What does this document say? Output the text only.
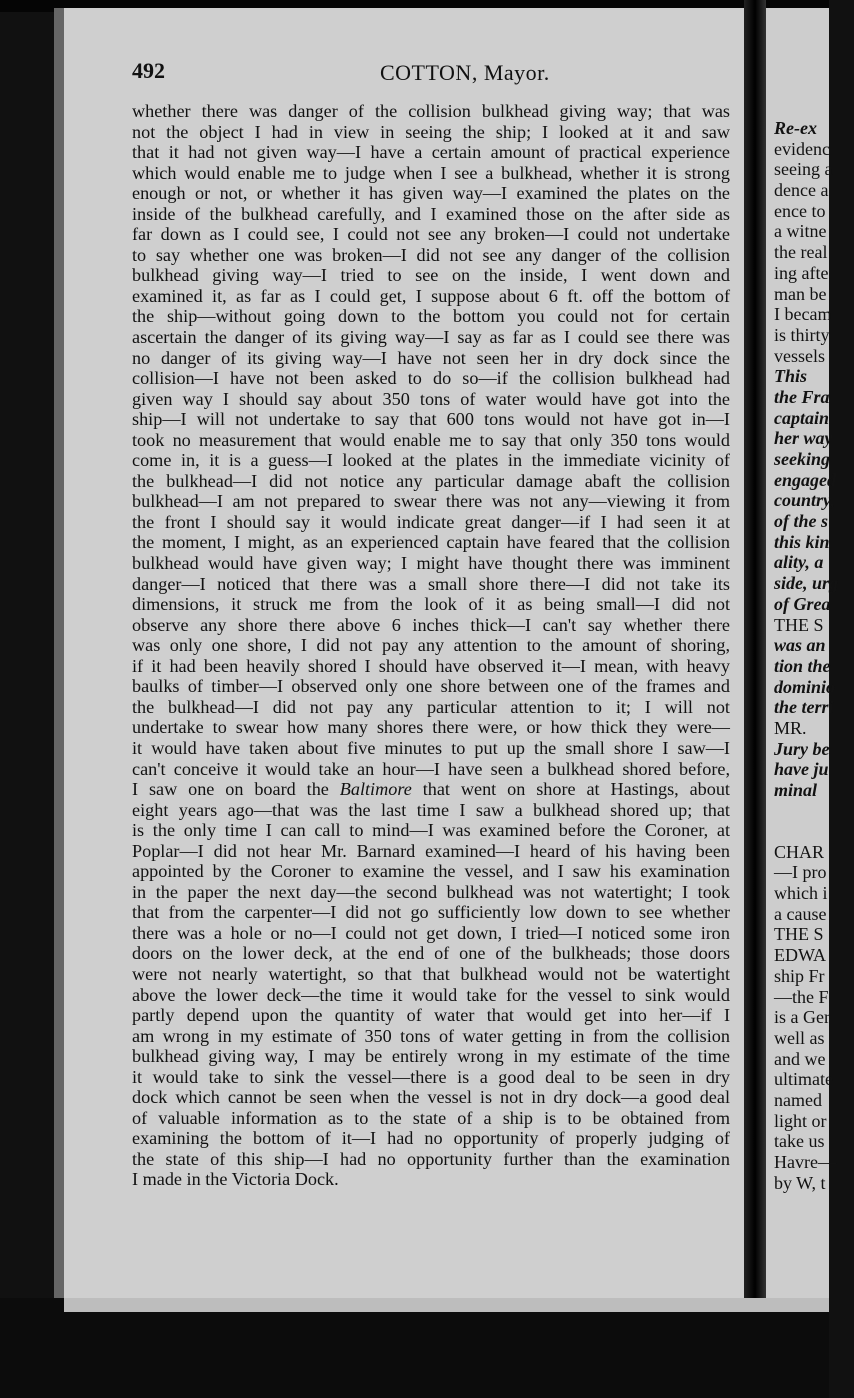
Re-ex
evidenc
seeing a
dence a
ence to
a witne
the real
ing afte
man be
I becam
is thirty
vessels
This
the Fra
captain
her way
seeking
engaged
country,
of the s
this kin
ality, a
side, urg
of Grea
THE S
was an
tion the
dominio
the terri
MR.
Jury be
have ju
minal
CHAR
—I pro
which i
a cause
THE S
EDWA
ship Fr
—the F
is a Ger
well as
and we
ultimate
named
light or
take us
Havre—
by W, t
492	COTTON, Mayor.
whether there was danger of the collision bulkhead giving way; that was
not the object I had in view in seeing the ship; I looked at it and saw
that it had not given way—I have a certain amount of practical experience
which would enable me to judge when I see a bulkhead, whether it is strong
enough or not, or whether it has given way—I examined the plates on the
inside of the bulkhead carefully, and I examined those on the after side as
far down as I could see, I could not see any broken—I could not undertake
to say whether one was broken—I did not see any danger of the collision
bulkhead giving way—I tried to see on the inside, I went down and
examined it, as far as I could get, I suppose about 6 ft. off the bottom of
the ship—without going down to the bottom you could not for certain
ascertain the danger of its giving way—I say as far as I could see there was
no danger of its giving way—I have not seen her in dry dock since the
collision—I have not been asked to do so—if the collision bulkhead had
given way I should say about 350 tons of water would have got into the
ship—I will not undertake to say that 600 tons would not have got in—I
took no measurement that would enable me to say that only 350 tons would
come in, it is a guess—I looked at the plates in the immediate vicinity of
the bulkhead—I did not notice any particular damage abaft the collision
bulkhead—I am not prepared to swear there was not any—viewing it from
the front I should say it would indicate great danger—if I had seen it at
the moment, I might, as an experienced captain have feared that the collision
bulkhead would have given way; I might have thought there was imminent
danger—I noticed that there was a small shore there—I did not take its
dimensions, it struck me from the look of it as being small—I did not
observe any shore there above 6 inches thick—I can't say whether there
was only one shore, I did not pay any attention to the amount of shoring,
if it had been heavily shored I should have observed it—I mean, with heavy
baulks of timber—I observed only one shore between one of the frames and
the bulkhead—I did not pay any particular attention to it; I will not
undertake to swear how many shores there were, or how thick they were—
it would have taken about five minutes to put up the small shore I saw—I
can't conceive it would take an hour—I have seen a bulkhead shored before,
I saw one on board the Baltimore that went on shore at Hastings, about
eight years ago—that was the last time I saw a bulkhead shored up; that
is the only time I can call to mind—I was examined before the Coroner, at
Poplar—I did not hear Mr. Barnard examined—I heard of his having been
appointed by the Coroner to examine the vessel, and I saw his examination
in the paper the next day—the second bulkhead was not watertight; I took
that from the carpenter—I did not go sufficiently low down to see whether
there was a hole or no—I could not get down, I tried—I noticed some iron
doors on the lower deck, at the end of one of the bulkheads; those doors
were not nearly watertight, so that that bulkhead would not be watertight
above the lower deck—the time it would take for the vessel to sink would
partly depend upon the quantity of water that would get into her—if I
am wrong in my estimate of 350 tons of water getting in from the collision
bulkhead giving way, I may be entirely wrong in my estimate of the time
it would take to sink the vessel—there is a good deal to be seen in dry
dock which cannot be seen when the vessel is not in dry dock—a good deal
of valuable information as to the state of a ship is to be obtained from
examining the bottom of it—I had no opportunity of properly judging of
the state of this ship—I had no opportunity further than the examination
I made in the Victoria Dock.
